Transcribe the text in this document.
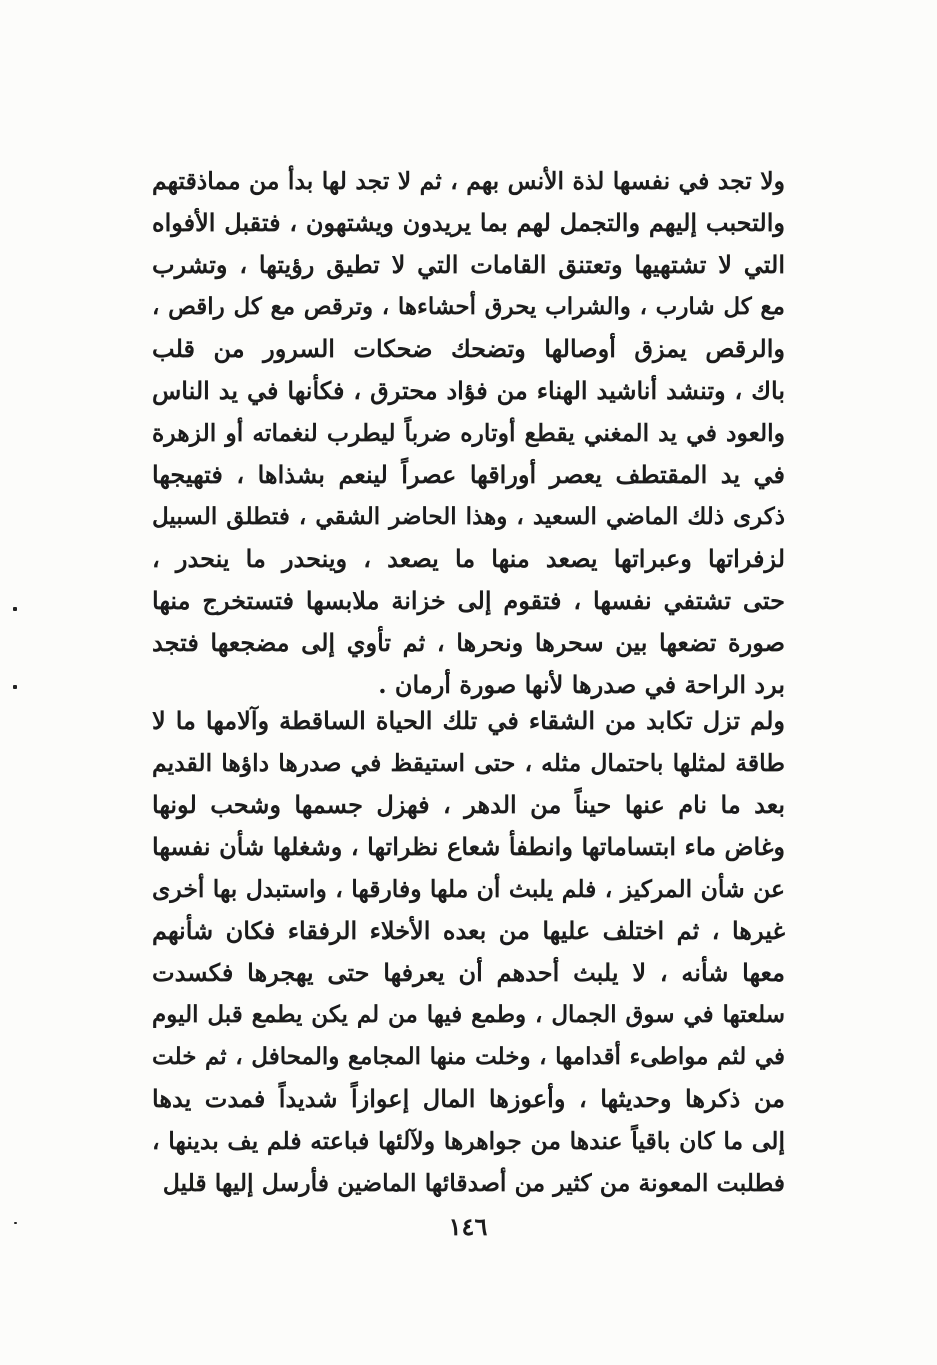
ولا تجد في نفسها لذة الأنس بهم ، ثم لا تجد لها بدأ من مماذقتهم
والتحبب إليهم والتجمل لهم بما يريدون ويشتهون ، فتقبل الأفواه
التي لا تشتهيها وتعتنق القامات التي لا تطيق رؤيتها ، وتشرب
مع كل شارب ، والشراب يحرق أحشاءها ، وترقص مع كل راقص ،
والرقص يمزق أوصالها وتضحك ضحكات السرور من قلب
باك ، وتنشد أناشيد الهناء من فؤاد محترق ، فكأنها في يد الناس
والعود في يد المغني يقطع أوتاره ضرباً ليطرب لنغماته أو الزهرة
في يد المقتطف يعصر أوراقها عصراً لينعم بشذاها ، فتهيجها
ذكرى ذلك الماضي السعيد ، وهذا الحاضر الشقي ، فتطلق السبيل
لزفراتها وعبراتها يصعد منها ما يصعد ، وينحدر ما ينحدر ،
حتى تشتفي نفسها ، فتقوم إلى خزانة ملابسها فتستخرج منها
صورة تضعها بين سحرها ونحرها ، ثم تأوي إلى مضجعها فتجد
برد الراحة في صدرها لأنها صورة أرمان .
ولم تزل تكابد من الشقاء في تلك الحياة الساقطة وآلامها ما لا
طاقة لمثلها باحتمال مثله ، حتى استيقظ في صدرها داؤها القديم
بعد ما نام عنها حيناً من الدهر ، فهزل جسمها وشحب لونها
وغاض ماء ابتساماتها وانطفأ شعاع نظراتها ، وشغلها شأن نفسها
عن شأن المركيز ، فلم يلبث أن ملها وفارقها ، واستبدل بها أخرى
غيرها ، ثم اختلف عليها من بعده الأخلاء الرفقاء فكان شأنهم
معها شأنه ، لا يلبث أحدهم أن يعرفها حتى يهجرها فكسدت
سلعتها في سوق الجمال ، وطمع فيها من لم يكن يطمع قبل اليوم
في لثم مواطىء أقدامها ، وخلت منها المجامع والمحافل ، ثم خلت
من ذكرها وحديثها ، وأعوزها المال إعوازاً شديداً فمدت يدها
إلى ما كان باقياً عندها من جواهرها ولآلئها فباعته فلم يف بدينها ،
فطلبت المعونة من كثير من أصدقائها الماضين فأرسل إليها قليل
١٤٦
